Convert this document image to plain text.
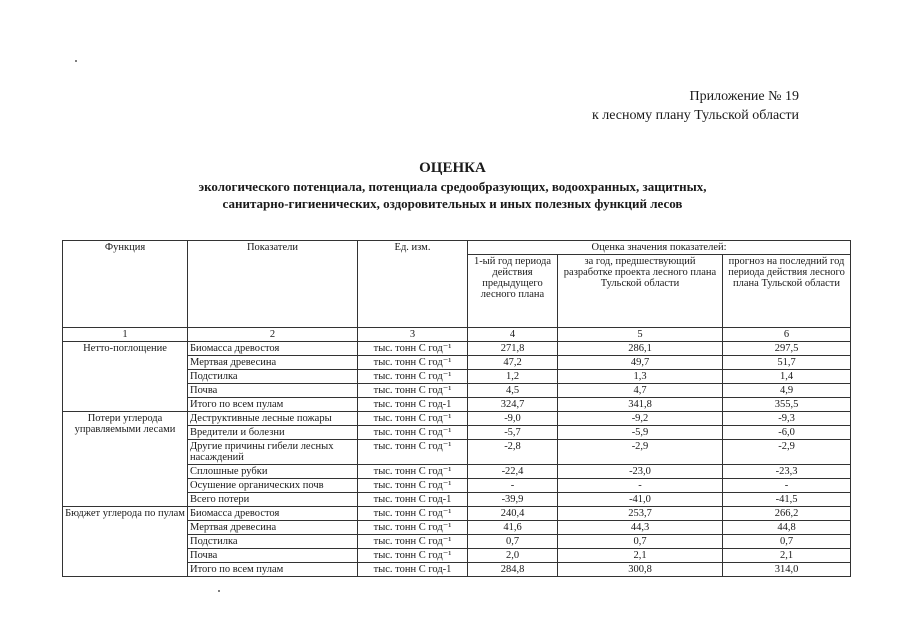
Приложение № 19
к лесному плану Тульской области
ОЦЕНКА
экологического потенциала, потенциала средообразующих, водоохранных, защитных,
санитарно-гигиенических, оздоровительных и иных полезных функций лесов
Функция	Показатели	Ед. изм.	Оценка значения показателей:		
			1-ый год периода действия предыдущего лесного плана	за год, предшествующий разработке проекта лесного плана Тульской области	прогноз на последний год периода действия лесного плана Тульской области
1	2	3	4	5	6
Нетто-поглощение	Биомасса древостоя	тыс. тонн С год⁻¹	271,8	286,1	297,5
	Мертвая древесина	тыс. тонн С год⁻¹	47,2	49,7	51,7
	Подстилка	тыс. тонн С год⁻¹	1,2	1,3	1,4
	Почва	тыс. тонн С год⁻¹	4,5	4,7	4,9
	Итого по всем пулам	тыс. тонн С год-1	324,7	341,8	355,5
Потери углерода управляемыми лесами	Деструктивные лесные пожары	тыс. тонн С год⁻¹	-9,0	-9,2	-9,3
	Вредители и болезни	тыс. тонн С год⁻¹	-5,7	-5,9	-6,0
	Другие причины гибели лесных насаждений	тыс. тонн С год⁻¹	-2,8	-2,9	-2,9
	Сплошные рубки	тыс. тонн С год⁻¹	-22,4	-23,0	-23,3
	Осушение органических почв	тыс. тонн С год⁻¹	-	-	-
	Всего потери	тыс. тонн С год-1	-39,9	-41,0	-41,5
Бюджет углерода по пулам	Биомасса древостоя	тыс. тонн С год⁻¹	240,4	253,7	266,2
	Мертвая древесина	тыс. тонн С год⁻¹	41,6	44,3	44,8
	Подстилка	тыс. тонн С год⁻¹	0,7	0,7	0,7
	Почва	тыс. тонн С год⁻¹	2,0	2,1	2,1
	Итого по всем пулам	тыс. тонн С год-1	284,8	300,8	314,0
